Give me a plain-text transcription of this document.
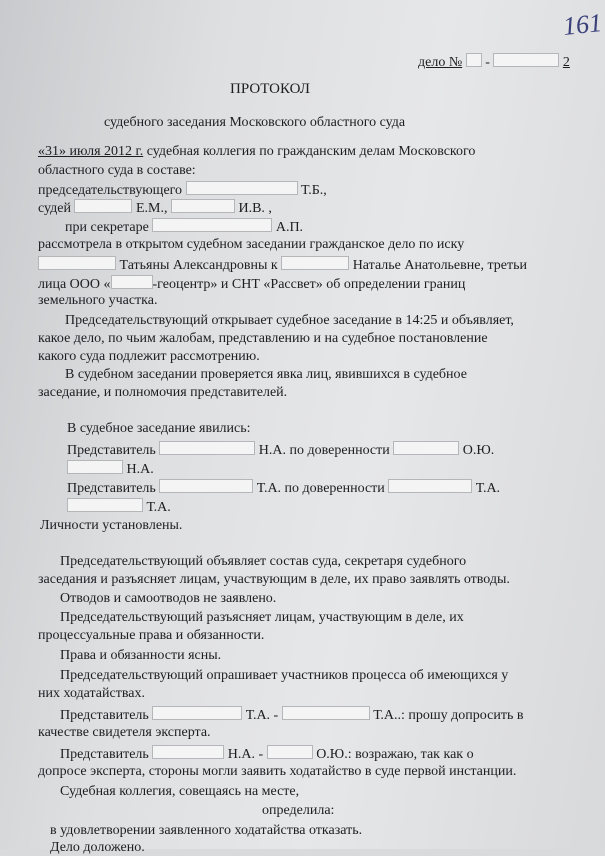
161
дело № -	2
ПРОТОКОЛ
судебного заседания Московского областного суда
«31» июля 2012 г. судебная коллегия по гражданским делам Московского
областного суда в составе:
председательствующего	Т.Б.,
судей	Е.М.,	И.В. ,
при секретаре	А.П.
рассмотрела в открытом судебном заседании гражданское дело по иску
Татьяны Александровны к	Наталье Анатольевне, третьи
лица ООО «	-геоцентр» и СНТ «Рассвет» об определении границ
земельного участка.
Председательствующий открывает судебное заседание в 14:25 и объявляет,
какое дело, по чьим жалобам, представлению и на судебное постановление
какого суда подлежит рассмотрению.
В судебном заседании проверяется явка лиц, явившихся в судебное
заседание, и полномочия представителей.
В судебное заседание явились:
Представитель	Н.А. по доверенности	О.Ю.
Н.А.
Представитель	Т.А. по доверенности	Т.А.
Т.А.
Личности установлены.
Председательствующий объявляет состав суда, секретаря судебного
заседания и разъясняет лицам, участвующим в деле, их право заявлять отводы.
Отводов и самоотводов не заявлено.
Председательствующий разъясняет лицам, участвующим в деле, их
процессуальные права и обязанности.
Права и обязанности ясны.
Председательствующий опрашивает участников процесса об имеющихся у
них ходатайствах.
Представитель	Т.А. -	Т.А..: прошу допросить в
качестве свидетеля эксперта.
Представитель	Н.А. -	О.Ю.: возражаю, так как о
допросе эксперта, стороны могли заявить ходатайство в суде первой инстанции.
Судебная коллегия, совещаясь на месте,
определила:
в удовлетворении заявленного ходатайства отказать.
Дело доложено.
